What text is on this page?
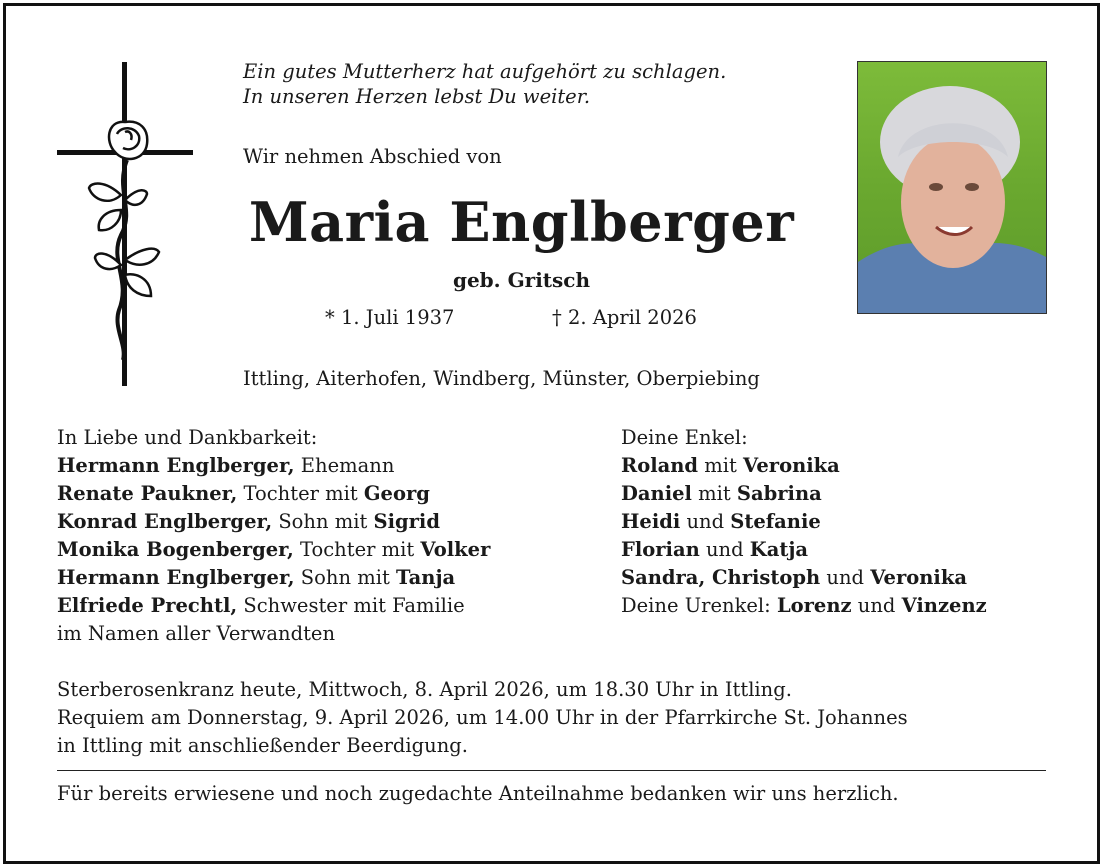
Ein gutes Mutterherz hat aufgehört zu schlagen.
In unseren Herzen lebst Du weiter.
Wir nehmen Abschied von
Maria Englberger
geb. Gritsch
* 1. Juli 1937	† 2. April 2026
Ittling, Aiterhofen, Windberg, Münster, Oberpiebing
In Liebe und Dankbarkeit:
Hermann Englberger, Ehemann
Renate Paukner, Tochter mit Georg
Konrad Englberger, Sohn mit Sigrid
Monika Bogenberger, Tochter mit Volker
Hermann Englberger, Sohn mit Tanja
Elfriede Prechtl, Schwester mit Familie
im Namen aller Verwandten
Deine Enkel:
Roland mit Veronika
Daniel mit Sabrina
Heidi und Stefanie
Florian und Katja
Sandra, Christoph und Veronika
Deine Urenkel: Lorenz und Vinzenz
Sterberosenkranz heute, Mittwoch, 8. April 2026, um 18.30 Uhr in Ittling.
Requiem am Donnerstag, 9. April 2026, um 14.00 Uhr in der Pfarrkirche St. Johannes
in Ittling mit anschließender Beerdigung.
Für bereits erwiesene und noch zugedachte Anteilnahme bedanken wir uns herzlich.
